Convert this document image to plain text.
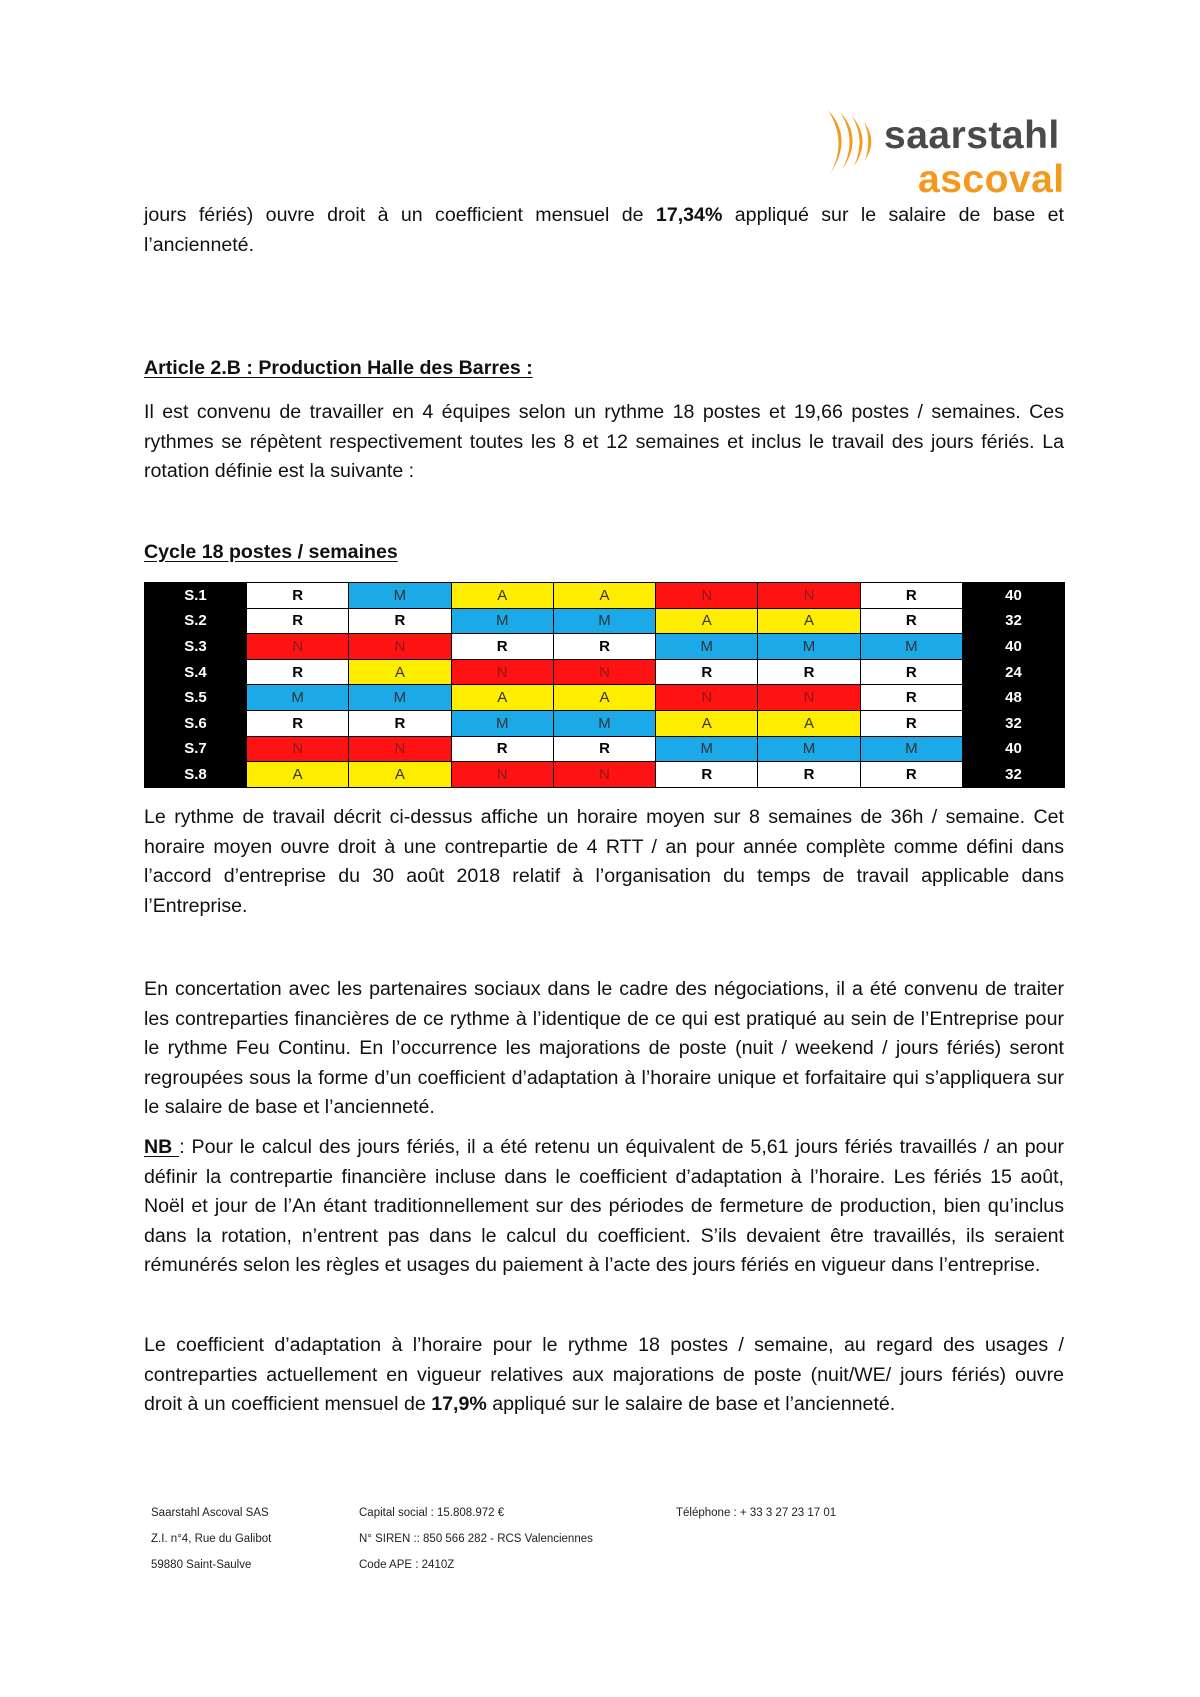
saarstahl
ascoval
jours fériés) ouvre droit à un coefficient mensuel de 17,34% appliqué sur le salaire de base et l’ancienneté.
Article 2.B : Production Halle des Barres :
Il est convenu de travailler en 4 équipes selon un rythme 18 postes et 19,66 postes / semaines. Ces rythmes se répètent respectivement toutes les 8 et 12 semaines et inclus le travail des jours fériés. La rotation définie est la suivante :
Cycle 18 postes / semaines
S.1	R	M	A	A	N	N	R	40
S.2	R	R	M	M	A	A	R	32
S.3	N	N	R	R	M	M	M	40
S.4	R	A	N	N	R	R	R	24
S.5	M	M	A	A	N	N	R	48
S.6	R	R	M	M	A	A	R	32
S.7	N	N	R	R	M	M	M	40
S.8	A	A	N	N	R	R	R	32
Le rythme de travail décrit ci-dessus affiche un horaire moyen sur 8 semaines de 36h / semaine. Cet horaire moyen ouvre droit à une contrepartie de 4 RTT / an pour année complète comme défini dans l’accord d’entreprise du 30 août 2018 relatif à l’organisation du temps de travail applicable dans l’Entreprise.
En concertation avec les partenaires sociaux dans le cadre des négociations, il a été convenu de traiter les contreparties financières de ce rythme à l’identique de ce qui est pratiqué au sein de l’Entreprise pour le rythme Feu Continu. En l’occurrence les majorations de poste (nuit / weekend / jours fériés) seront regroupées sous la forme d’un coefficient d’adaptation à l’horaire unique et forfaitaire qui s’appliquera sur le salaire de base et l’ancienneté.
NB : Pour le calcul des jours fériés, il a été retenu un équivalent de 5,61 jours fériés travaillés / an pour définir la contrepartie financière incluse dans le coefficient d’adaptation à l’horaire. Les fériés 15 août, Noël et jour de l’An étant traditionnellement sur des périodes de fermeture de production, bien qu’inclus dans la rotation, n’entrent pas dans le calcul du coefficient. S’ils devaient être travaillés, ils seraient rémunérés selon les règles et usages du paiement à l’acte des jours fériés en vigueur dans l’entreprise.
Le coefficient d’adaptation à l’horaire pour le rythme 18 postes / semaine, au regard des usages / contreparties actuellement en vigueur relatives aux majorations de poste (nuit/WE/ jours fériés) ouvre droit à un coefficient mensuel de 17,9% appliqué sur le salaire de base et l’ancienneté.
Saarstahl Ascoval SAS
Z.I. n°4, Rue du Galibot
59880 Saint-Saulve
Capital social : 15.808.972 €
N° SIREN :: 850 566 282 - RCS Valenciennes
Code APE : 2410Z
Téléphone : + 33 3 27 23 17 01
